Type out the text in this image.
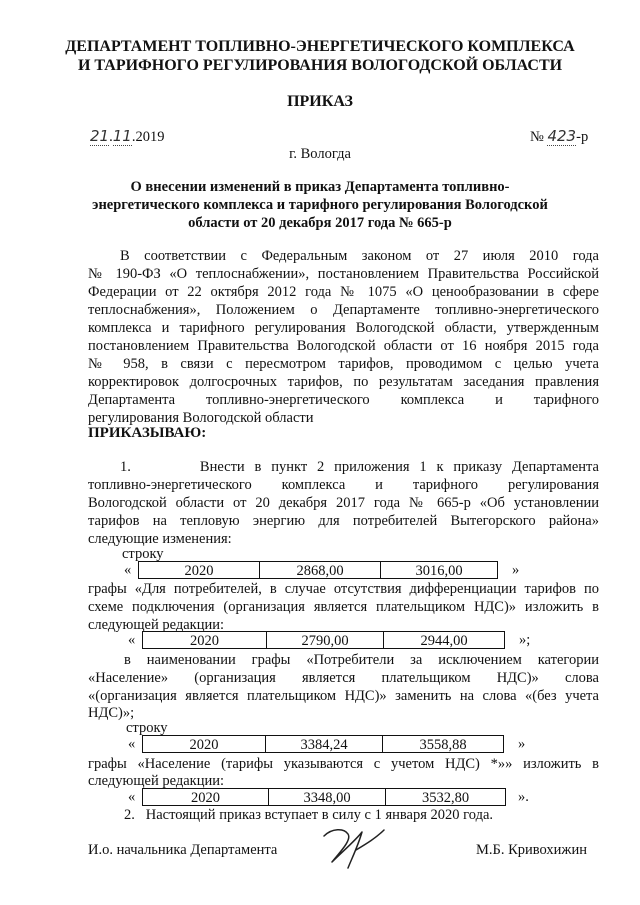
ДЕПАРТАМЕНТ ТОПЛИВНО-ЭНЕРГЕТИЧЕСКОГО КОМПЛЕКСА
И ТАРИФНОГО РЕГУЛИРОВАНИЯ ВОЛОГОДСКОЙ ОБЛАСТИ
ПРИКАЗ
21.11.2019	№ 423-р
г. Вологда
О внесении изменений в приказ Департамента топливно-
энергетического комплекса и тарифного регулирования Вологодской
области от 20 декабря 2017 года № 665-р
В соответствии с Федеральным законом от 27 июля 2010 года
№ 190-ФЗ «О теплоснабжении», постановлением Правительства Российской
Федерации от 22 октября 2012 года № 1075 «О ценообразовании в сфере
теплоснабжения», Положением о Департаменте топливно-энергетического
комплекса и тарифного регулирования Вологодской области, утвержденным
постановлением Правительства Вологодской области от 16 ноября 2015 года
№ 958, в связи с пересмотром тарифов, проводимом с целью учета
корректировок долгосрочных тарифов, по результатам заседания правления
Департамента топливно-энергетического комплекса и тарифного
регулирования Вологодской области
ПРИКАЗЫВАЮ:
1.       Внести в пункт 2 приложения 1 к приказу Департамента
топливно-энергетического комплекса и тарифного регулирования
Вологодской области от 20 декабря 2017 года № 665-р «Об установлении
тарифов на тепловую энергию для потребителей Вытегорского района»
следующие изменения:
строку
«	2020	2868,00	3016,00	»
графы «Для потребителей, в случае отсутствия дифференциации тарифов по
схеме подключения (организация является плательщиком НДС)» изложить в
следующей редакции:
«	2020	2790,00	2944,00	»;
в наименовании графы «Потребители за исключением категории
«Население» (организация является плательщиком НДС)» слова
«(организация является плательщиком НДС)» заменить на слова «(без учета
НДС)»;
строку
«	2020	3384,24	3558,88	»
графы «Население (тарифы указываются с учетом НДС) *»» изложить в
следующей редакции:
«	2020	3348,00	3532,80	».
2.   Настоящий приказ вступает в силу с 1 января 2020 года.
И.о. начальника Департамента	М.Б. Кривохижин
